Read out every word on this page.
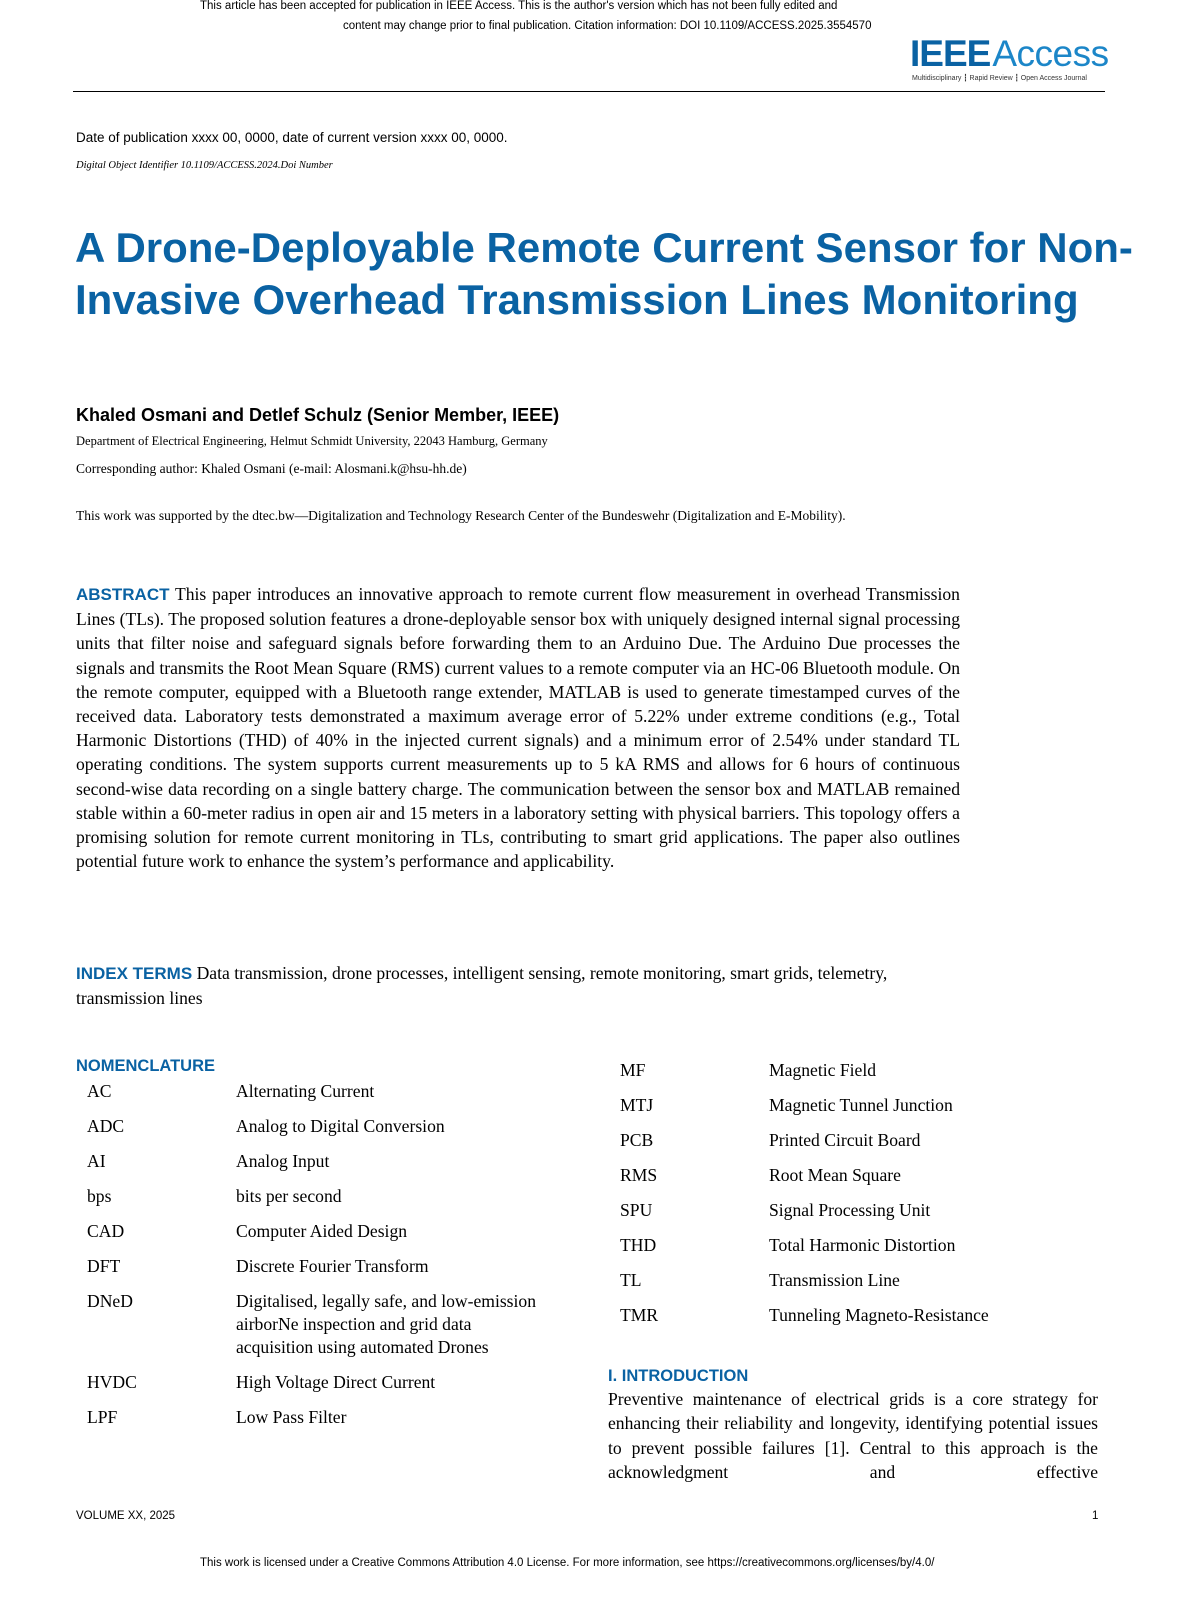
This article has been accepted for publication in IEEE Access. This is the author's version which has not been fully edited and
content may change prior to final publication. Citation information: DOI 10.1109/ACCESS.2025.3554570
IEEEAccess
Multidisciplinary ┇ Rapid Review ┇ Open Access Journal
Date of publication xxxx 00, 0000, date of current version xxxx 00, 0000.
Digital Object Identifier 10.1109/ACCESS.2024.Doi Number
A Drone-Deployable Remote Current Sensor for Non-Invasive Overhead Transmission Lines Monitoring
Khaled Osmani and Detlef Schulz (Senior Member, IEEE)
Department of Electrical Engineering, Helmut Schmidt University, 22043 Hamburg, Germany
Corresponding author: Khaled Osmani (e-mail: Alosmani.k@hsu-hh.de)
This work was supported by the dtec.bw—Digitalization and Technology Research Center of the Bundeswehr (Digitalization and E-Mobility).

ABSTRACT This paper introduces an innovative approach to remote current flow measurement in overhead Transmission Lines (TLs). The proposed solution features a drone-deployable sensor box with uniquely designed internal signal processing units that filter noise and safeguard signals before forwarding them to an Arduino Due. The Arduino Due processes the signals and transmits the Root Mean Square (RMS) current values to a remote computer via an HC-06 Bluetooth module. On the remote computer, equipped with a Bluetooth range extender, MATLAB is used to generate timestamped curves of the received data. Laboratory tests demonstrated a maximum average error of 5.22% under extreme conditions (e.g., Total Harmonic Distortions (THD) of 40% in the injected current signals) and a minimum error of 2.54% under standard TL operating conditions. The system supports current measurements up to 5 kA RMS and allows for 6 hours of continuous second-wise data recording on a single battery charge. The communication between the sensor box and MATLAB remained stable within a 60-meter radius in open air and 15 meters in a laboratory setting with physical barriers. This topology offers a promising solution for remote current monitoring in TLs, contributing to smart grid applications. The paper also outlines potential future work to enhance the system’s performance and applicability.

INDEX TERMS Data transmission, drone processes, intelligent sensing, remote monitoring, smart grids, telemetry, transmission lines

NOMENCLATURE
AC	Alternating Current
ADC	Analog to Digital Conversion
AI	Analog Input
bps	bits per second
CAD	Computer Aided Design
DFT	Discrete Fourier Transform
DNeD	Digitalised, legally safe, and low-emission airborNe inspection and grid data acquisition using automated Drones
HVDC	High Voltage Direct Current
LPF	Low Pass Filter
MF	Magnetic Field
MTJ	Magnetic Tunnel Junction
PCB	Printed Circuit Board
RMS	Root Mean Square
SPU	Signal Processing Unit
THD	Total Harmonic Distortion
TL	Transmission Line
TMR	Tunneling Magneto-Resistance
I. INTRODUCTION

Preventive maintenance of electrical grids is a core strategy for enhancing their reliability and longevity, identifying potential issues to prevent possible failures [1]. Central to this approach is the acknowledgment and effective

VOLUME XX, 2025	1
This work is licensed under a Creative Commons Attribution 4.0 License. For more information, see https://creativecommons.org/licenses/by/4.0/
